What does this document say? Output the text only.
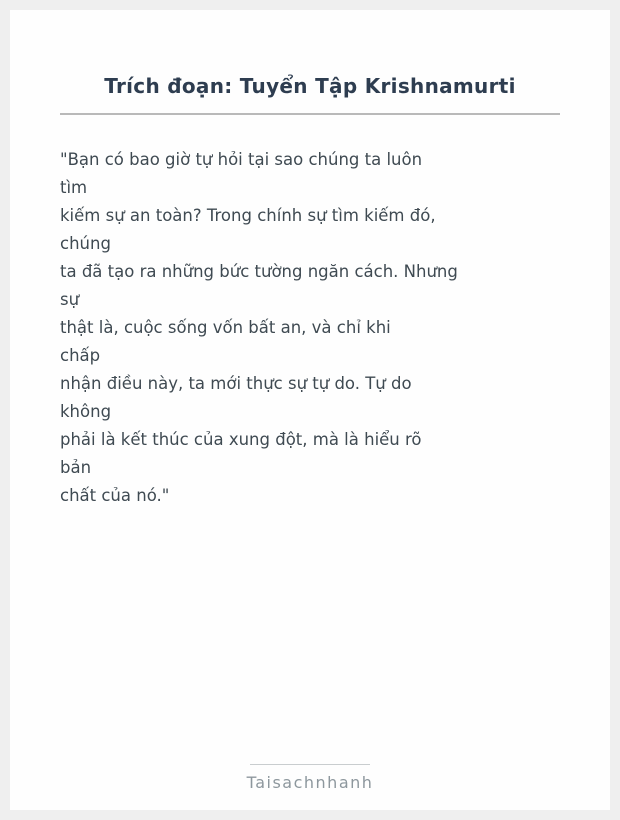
Trích đoạn: Tuyển Tập Krishnamurti
"Bạn có bao giờ tự hỏi tại sao chúng ta luôn
tìm
kiếm sự an toàn? Trong chính sự tìm kiếm đó,
chúng
ta đã tạo ra những bức tường ngăn cách. Nhưng
sự
thật là, cuộc sống vốn bất an, và chỉ khi
chấp
nhận điều này, ta mới thực sự tự do. Tự do
không
phải là kết thúc của xung đột, mà là hiểu rõ
bản
chất của nó."
Taisachnhanh
